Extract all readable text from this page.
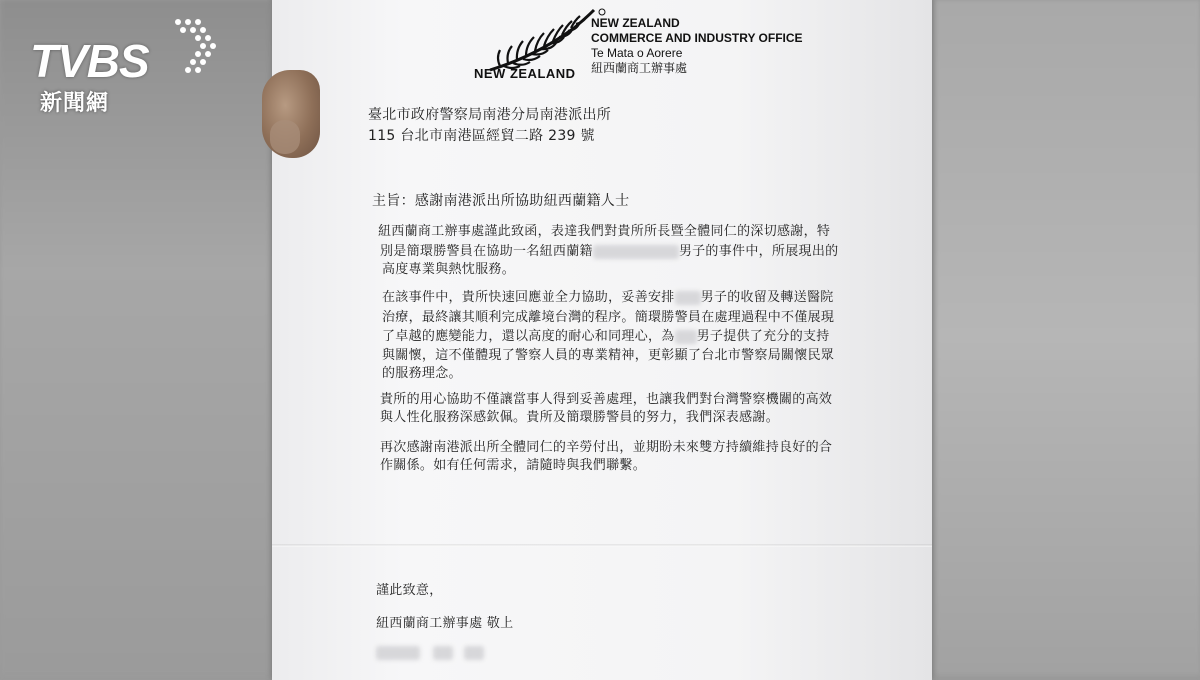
NEW ZEALAND
NEW ZEALAND
COMMERCE AND INDUSTRY OFFICE
Te Mata o Aorere
紐西蘭商工辦事處
臺北市政府警察局南港分局南港派出所
115 台北市南港區經貿二路 239 號
主旨：感謝南港派出所協助紐西蘭籍人士
紐西蘭商工辦事處謹此致函，表達我們對貴所所長暨全體同仁的深切感謝，特
別是簡環勝警員在協助一名紐西蘭籍	男子的事件中，所展現出的
高度專業與熱忱服務。
在該事件中，貴所快速回應並全力協助，妥善安排 男子的收留及轉送醫院
治療，最終讓其順利完成離境台灣的程序。簡環勝警員在處理過程中不僅展現
了卓越的應變能力，還以高度的耐心和同理心，為 男子提供了充分的支持
與關懷，這不僅體現了警察人員的專業精神，更彰顯了台北市警察局關懷民眾
的服務理念。
貴所的用心協助不僅讓當事人得到妥善處理，也讓我們對台灣警察機關的高效
與人性化服務深感欽佩。貴所及簡環勝警員的努力，我們深表感謝。
再次感謝南港派出所全體同仁的辛勞付出，並期盼未來雙方持續維持良好的合
作關係。如有任何需求，請隨時與我們聯繫。
謹此致意，
紐西蘭商工辦事處 敬上

TVBS
新聞網
